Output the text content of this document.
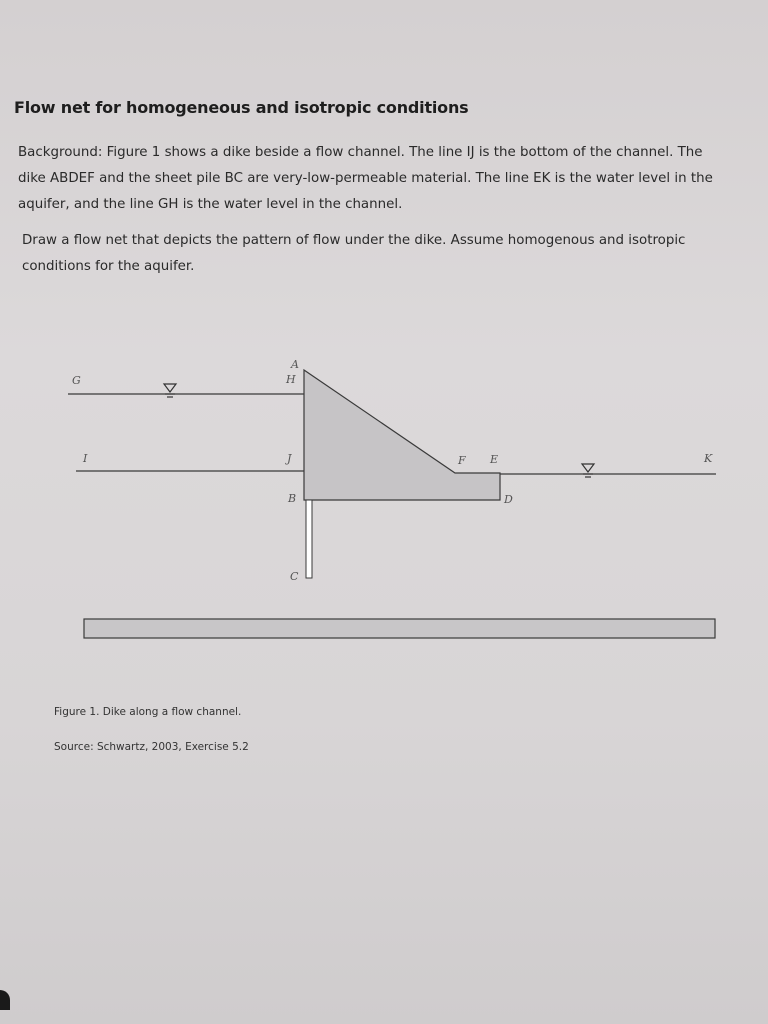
Flow net for homogeneous and isotropic conditions
Background: Figure 1 shows a dike beside a flow channel. The line IJ is the bottom of the channel. The
dike ABDEF and the sheet pile BC are very-low-permeable material. The line EK is the water level in the
aquifer, and the line GH is the water level in the channel.
Draw a flow net that depicts the pattern of flow under the dike. Assume homogenous and isotropic
conditions for the aquifer.
G
A
H
I	J	F E	K
B	D
C
Figure 1. Dike along a flow channel.
Source: Schwartz, 2003, Exercise 5.2
